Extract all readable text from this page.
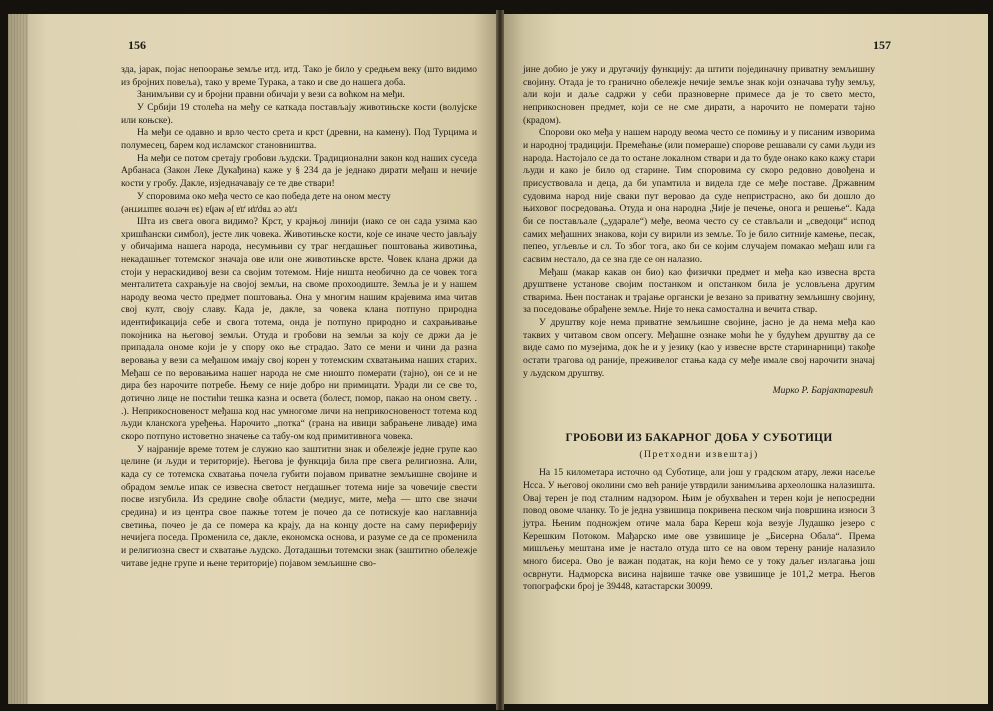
156	157

зда, јарак, појас непоорање земље итд. итд. Тако је било у средњем веку (што видимо из бројних повеља), тако у време Турака, а тако и све до нашега доба.

Занимљиви су и бројни правни обичаји у вези са воћком на међи.

У Србији 19 столећа на међу се каткада постављају животињске кости (волујске или коњске).

На међи се одавно и врло често срета и крст (древни, на камену). Под Турцима и полумесец, барем код исламског становништва.

На међи се потом сретају гробови људски. Традиционални закон код наших суседа Арбанаса (Закон Леке Дукађина) каже у § 234 да је једнако дирати међаш и нечије кости у гробу. Дакле, изједначавају се те две ствари!

У споровима око међа често се као победа дете на оном месту

где се тврди да је међа (за његов заштитне)

Шта из свега овога видимо? Крст, у крајњој линији (иако се он сада узима као хришћански симбол), јесте лик човека. Животињске кости, које се иначе често јављају у обичајима нашега народа, несумњиви су траг негдашњег поштовања животиња, некадашњег тотемског значаја ове или оне животињске врсте. Човек клана држи да стоји у нераскидивој вези са својим тотемом. Није ништа необично да се човек тога менталитета сахрањује на својој земљи, на своме прохоодиште. Земља је и у нашем народу веома често предмет поштовања. Она у многим нашим крајевима има читав свој култ, своју славу. Када је, дакле, за човека клана потпуно природна идентификација себе и свога тотема, онда је потпуно природно и сахрањивање покојника на његовој земљи. Отуда и гробови на земљи за коју се држи да је припадала ономе који је у спору око ње страдао. Зато се мени и чини да разна веровања у вези са међашом имају свој корен у тотемским схватањима наших старих. Међаш се по веровањима нашег народа не сме ниошто померати (тајно), он се и не дира без нарочите потребе. Њему се није добро ни примицати. Уради ли се све то, дотично лице не постиһи тешка казна и освета (болест, помор, пакао на оном свету. . .). Неприкосновеност међаша код нас умногоме личи на неприкосновеност тотема код људи кланскога уређења. Нарочито „потка“ (грана на ивици забрањене ливаде) има скоро потпуно истоветно значење са табу-ом код примитивнога човека.

У најраније време тотем је служио као заштитни знак и обележје једне групе као целине (и људи и територије). Његова је функција била пре свега религиозна. Али, када су се тотемска схватања почела губити појавом приватне земљишне својине и обрадом земље ипак се извесна светост негдашњег тотема није за човечије свести посве изгубила. Из средине свође области (медиус, мите, међа — што све значи средина) и из центра свое пажње тотем је почео да се потискује као наглавнија светиња, почео је да се помера ка крају, да на концу досте на саму периферију нечијега поседа. Променила се, дакле, економска основа, и разуме се да се променила и религиозна свест и схватање људско. Дотадашњи тотемски знак (заштитно обележје читаве једне групе и њене територије) појавом земљишне сво-

јине добио је ужу и другачију функцију: да штити појединачну приватну земљишну својину. Отада је то гранично обележје нечије земље знак који означава туђу земљу, али који и даље садржи у себи празноверне примесе да је то свето место, неприкосновен предмет, који се не сме дирати, а нарочито не померати тајно (крадом).

Спорови око међа у нашем народу веома често се помињу и у писаним изворима и народној традицији. Премећање (или помераше) спорове решавали су сами људи из народа. Настојало се да то остане локалном ствари и да то буде онако како кажу стари људи и како је било од старине. Тим споровима су скоро редовно довођена и присуствовала и деца, да би упамтила и видела где се међе поставе. Државним судовима народ није сваки пут веровао да суде непристрасно, ако би дошло до њиховог посредовања. Отуда и она народна „Чије је печење, онога и решење“. Када би се постављале („ударале“) међе, веома често су се стављали и „сведоци“ испод самих међашних знакова, који су вирили из земље. То је било ситније камење, песак, пепео, угљевље и сл. То због тога, ако би се којим случајем помакао међаш или га сасвим нестало, да се зна где се он налазио.

Међаш (макар какав он био) као физички предмет и међа као извесна врста друштвене установе својим постанком и опстанком била је условљена другим стварима. Њен постанак и трајање органски је везано за приватну земљишну својину, за поседовање обрађене земље. Није то нека самостална и вечита ствар.

У друштву које нема приватне земљишне својине, јасно је да нема међа као таквих у читавом свом опсегу. Међашне ознаке моһи һе у будуһем друштву да се виде само по музејима, док һе и у језику (као у извесне врсте старинарници) такође остати трагова од раније, преживелог стања када су међе имале свој нарочити значај у људском друштву.

Мирко Р. Барјактаревић
ГРОБОВИ ИЗ БАКАРНОГ ДОБА У СУБОТИЦИ
(Претходни извештај)

На 15 километара источно од Суботице, али још у градском атару, лежи насеље Нсса. У његовој околини смо веһ раније утврдили занимљива археолошка налазишта. Овај терен је под сталним надзором. Њим је обухваһен и терен који је непосредни повод овоме чланку. То је једна узвишица покривена песком чија површина износи 3 јутра. Њеним подножјем отиче мала бара Кереш која везује Лудашко језеро с Керешким Потоком. Мађарско име ове узвишице је „Бисерна Обала“. Према мишљењу мештана име је настало отуда што се на овом терену раније налазило много бисера. Ово је важан податак, на који ћемо се у току даљег излагања још осврнути. Надморска висина највише тачке ове узвишице је 101,2 метра. Његов топографски број је 39448, катастарски 30099.
